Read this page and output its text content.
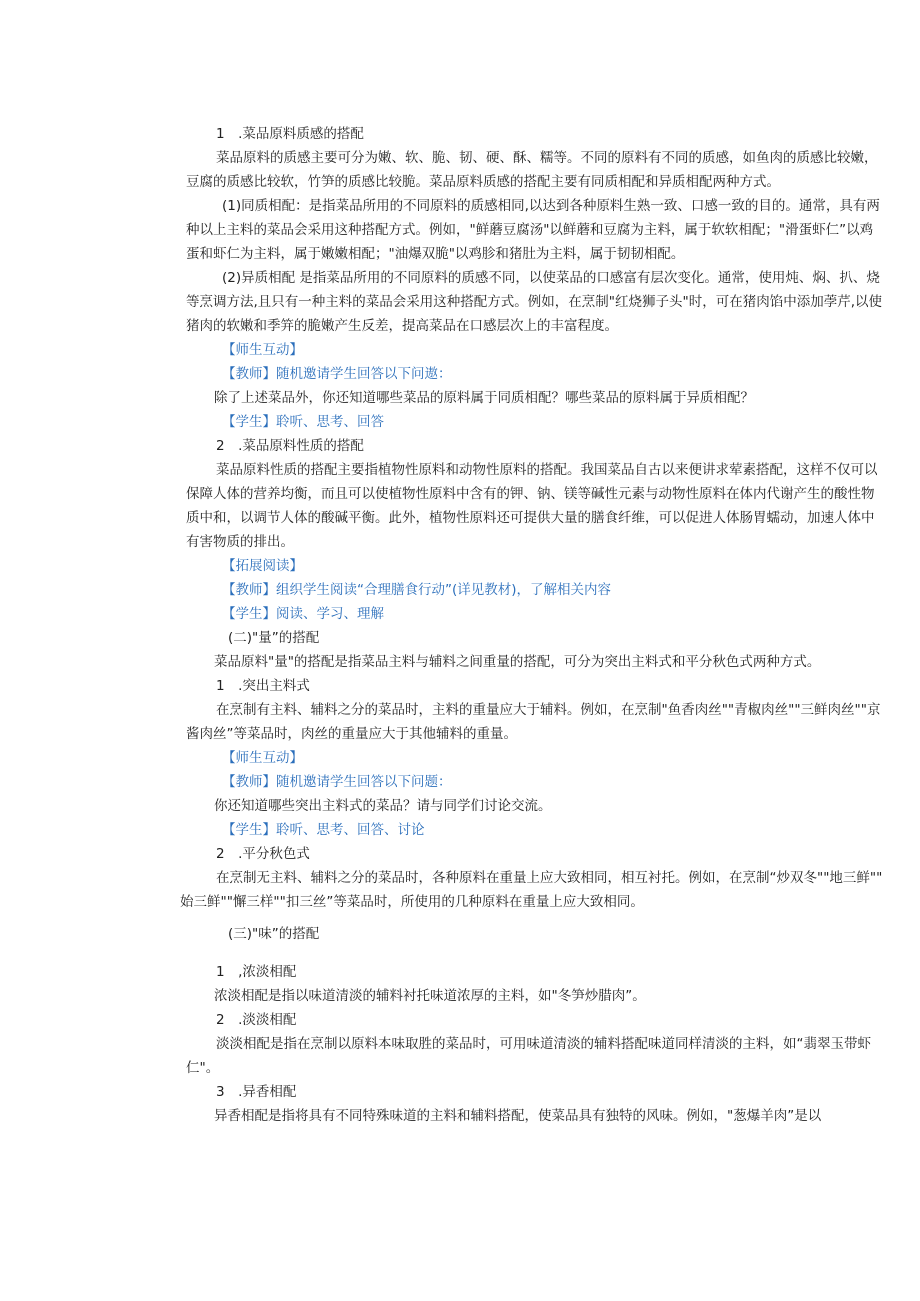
1　.菜品原料质感的搭配
菜品原料的质感主要可分为嫩、软、脆、韧、硬、酥、糯等。不同的原料有不同的质感，如鱼肉的质感比较嫩，
豆腐的质感比较软，竹笋的质感比较脆。菜品原料质感的搭配主要有同质相配和异质相配两种方式。
(1)同质相配：是指菜品所用的不同原料的质感相同,以达到各种原料生熟一致、口感一致的目的。通常，具有两
种以上主料的菜品会采用这种搭配方式。例如，"鲜蘑豆腐汤"以鲜蘑和豆腐为主料，属于软软相配；"滑蛋虾仁”以鸡
蛋和虾仁为主料，属于嫩嫩相配；"油爆双脆"以鸡胗和猪肚为主料，属于韧韧相配。
(2)异质相配 是指菜品所用的不同原料的质感不同，以使菜品的口感富有层次变化。通常，使用炖、焖、扒、烧
等烹调方法,且只有一种主料的菜品会采用这种搭配方式。例如，在烹制"红烧狮子头"时，可在猪肉馅中添加荸芹,以使
猪肉的软嫩和季笄的脆嫩产生反差，提高菜品在口感层次上的丰富程度。
【师生互动】
【教师】随机邀请学生回答以下问遨：
除了上述菜品外，你还知道哪些菜品的原料属于同质相配？哪些菜品的原料属于异质相配？
【学生】聆听、思考、回答
2　.菜品原料性质的搭配
菜品原料性质的搭配主要指植物性原料和动物性原料的搭配。我国菜品自古以来便讲求荤素搭配，这样不仅可以
保障人体的营养均衡，而且可以使植物性原料中含有的钾、钠、镁等碱性元素与动物性原料在体内代谢产生的酸性物
质中和，以调节人体的酸碱平衡。此外，植物性原料还可提供大量的膳食纤维，可以促进人体肠胃蠕动，加速人体中
有害物质的排出。
【拓展阅读】
【教师】组织学生阅读“合理膳食行动”(详见教材)，了解相关内容
【学生】阅读、学习、理解
(二)"量”的搭配
菜品原料"量"的搭配是指菜品主料与辅料之间重量的搭配，可分为突出主料式和平分秋色式两种方式。
1　.突出主料式
在烹制有主料、辅料之分的菜品时，主料的重量应大于辅料。例如，在烹制"鱼香肉丝""青椒肉丝""三鲜肉丝""京
酱肉丝”等菜品时，肉丝的重量应大于其他辅料的重量。
【师生互动】
【教师】随机邀请学生回答以下问题：
你还知道哪些突出主料式的菜品？请与同学们讨论交流。
【学生】聆听、思考、回答、讨论
2　.平分秋色式
在烹制无主料、辅料之分的菜品时，各种原料在重量上应大致相同，相互衬托。例如，在烹制“炒双冬""地三鲜""
始三鲜""懈三样""扣三丝”等菜品时，所使用的几种原料在重量上应大致相同。
(三)"味”的搭配
1　,浓淡相配
浓淡相配是指以味道清淡的辅料衬托味道浓厚的主料，如"冬笋炒腊肉”。
2　.淡淡相配
淡淡相配是指在烹制以原料本味取胜的菜品时，可用味道清淡的辅料搭配味道同样清淡的主料，如“翡翠玉带虾
仁"。
3　.异香相配
异香相配是指将具有不同特殊味道的主料和辅料搭配，使菜品具有独特的风味。例如，"葱爆羊肉”是以
